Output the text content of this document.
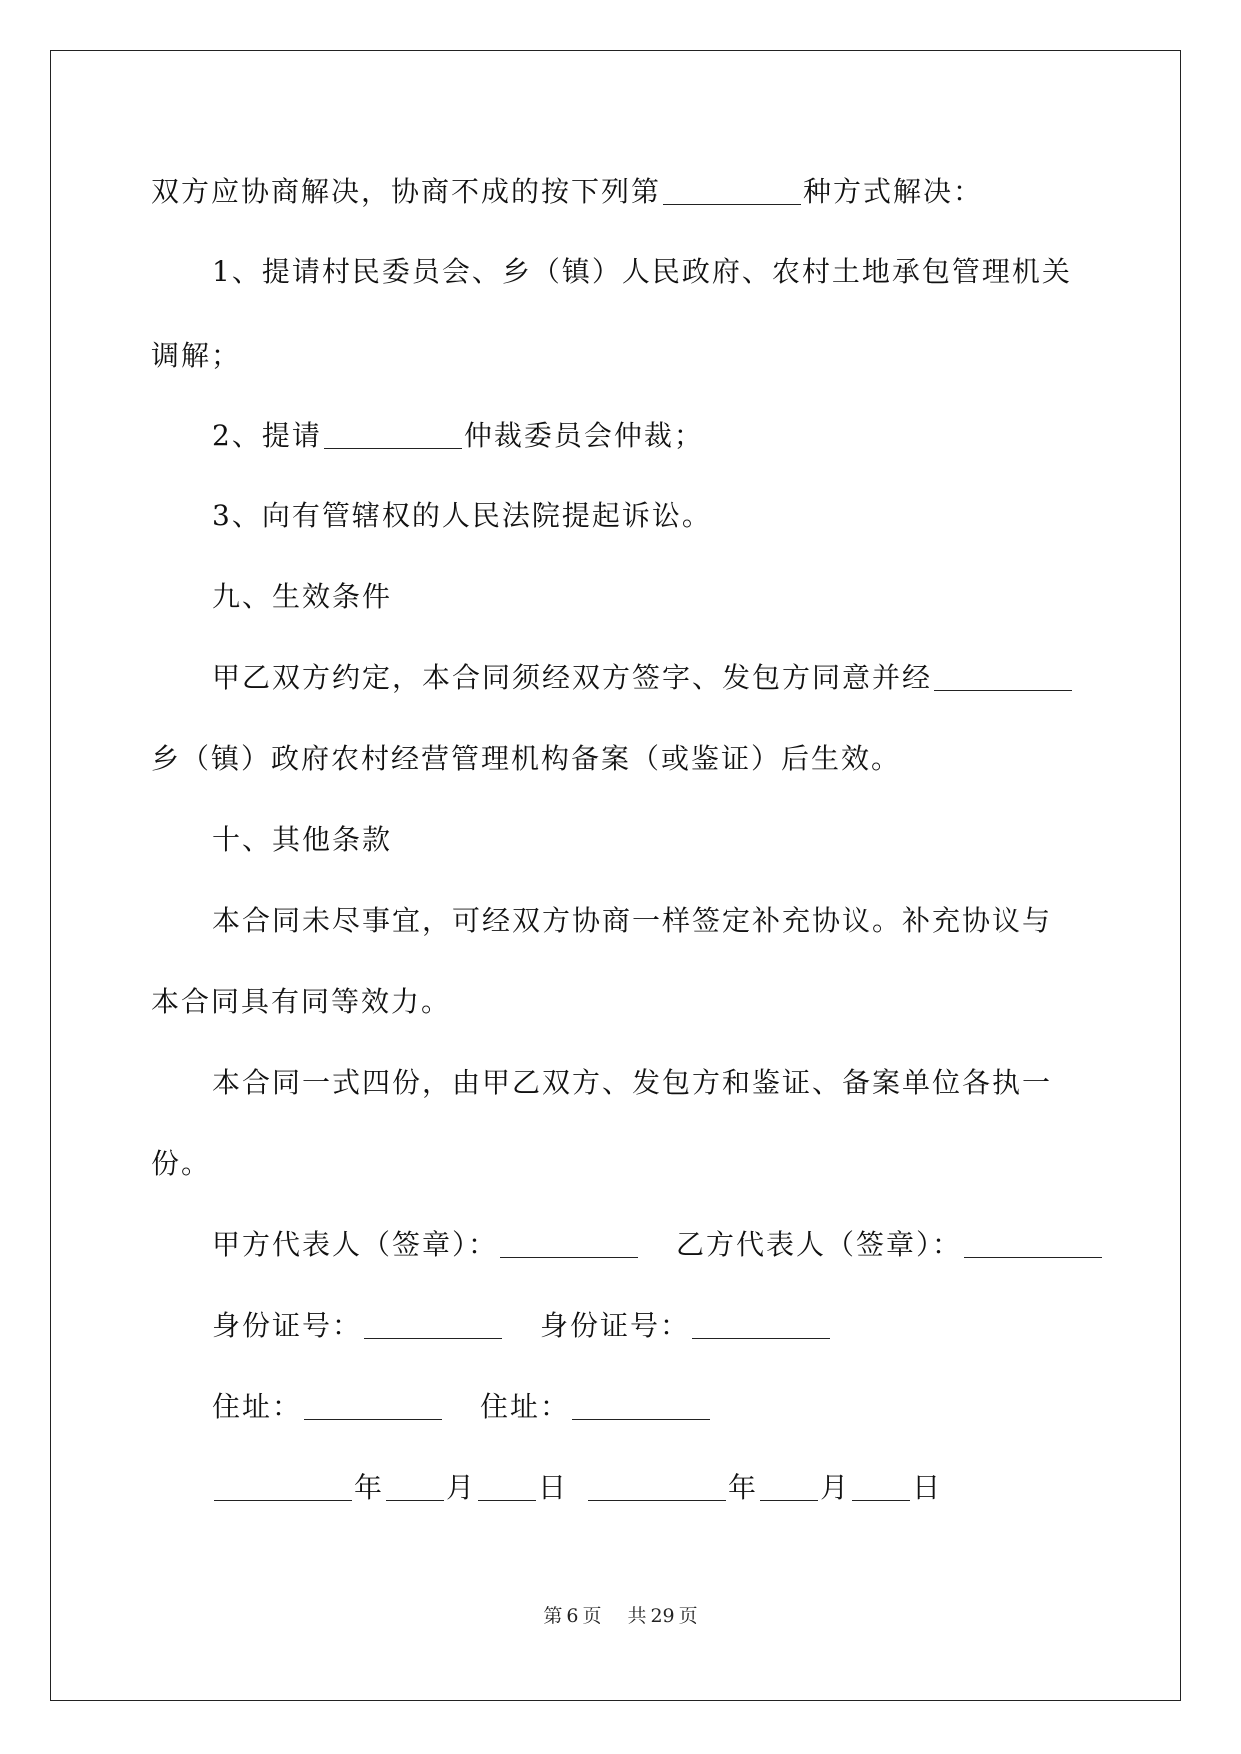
双方应协商解决，协商不成的按下列第	种方式解决：
1、提请村民委员会、乡（镇）人民政府、农村土地承包管理机关
调解；
2、提请	仲裁委员会仲裁；
3、向有管辖权的人民法院提起诉讼。
九、生效条件
甲乙双方约定，本合同须经双方签字、发包方同意并经
乡（镇）政府农村经营管理机构备案（或鉴证）后生效。
十、其他条款
本合同未尽事宜，可经双方协商一样签定补充协议。补充协议与
本合同具有同等效力。
本合同一式四份，由甲乙双方、发包方和鉴证、备案单位各执一
份。
甲方代表人（签章）：	乙方代表人（签章）：
身份证号：	身份证号：
住址：	住址：
年 月 日	年 月 日
第 6 页 共 29 页
